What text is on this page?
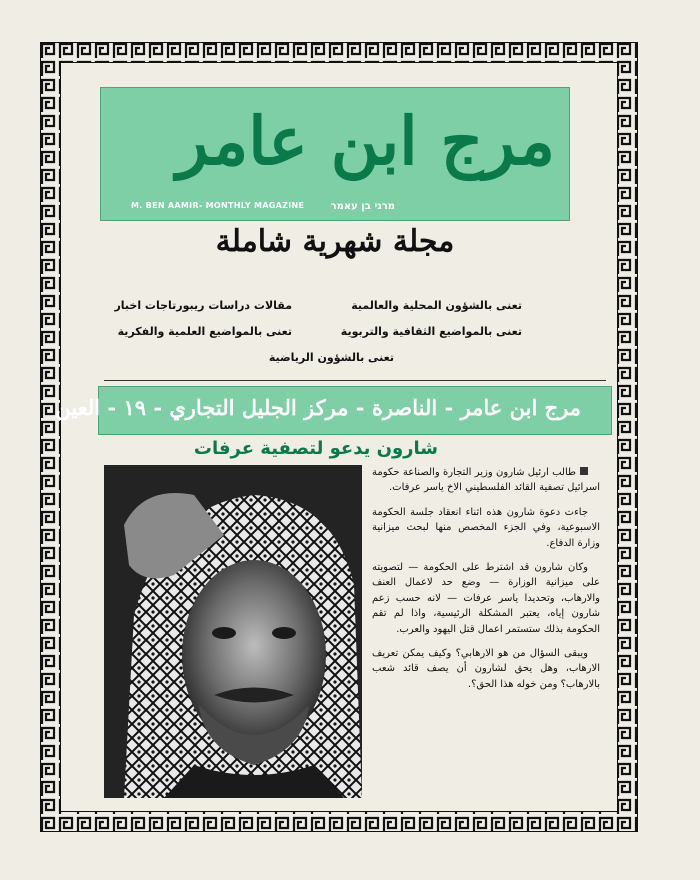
مرج ابن عامر
M. BEN AAMIR- MONTHLY MAGAZINE	מרגי בן עאמר
مجلة شهرية شاملة
تعنى بالشؤون المحلية والعالمية
مقالات دراسات ريبورتاجات اخبار
تعنى بالمواضيع الثقافية والتربوية
تعنى بالمواضيع العلمية والفكرية
تعنى بالشؤون الرياضية
مرج ابن عامر - الناصرة - مركز الجليل التجاري - ١٩ - العين
شارون يدعو لتصفية عرفات

طالب ارئيل شارون وزير التجارة والصناعة حكومة اسرائيل تصفية القائد الفلسطيني الاخ ياسر عرفات.

جاءت دعوة شارون هذه اثناء انعقاد جلسة الحكومة الاسبوعية، وفي الجزء المخصص منها لبحث ميزانية وزارة الدفاع.

وكان شارون قد اشترط على الحكومة — لتصويته على ميزانية الوزارة — وضع حد لاعمال العنف والارهاب، وتحديدا ياسر عرفات — لانه حسب زعم شارون إياه، يعتبر المشكلة الرئيسية، واذا لم تقم الحكومة بذلك ستستمر اعمال قتل اليهود والعرب.

ويبقى السؤال من هو الارهابي؟ وكيف يمكن تعريف الارهاب، وهل يحق لشارون أن يصف قائد شعب بالارهاب؟ ومن خوله هذا الحق؟.
